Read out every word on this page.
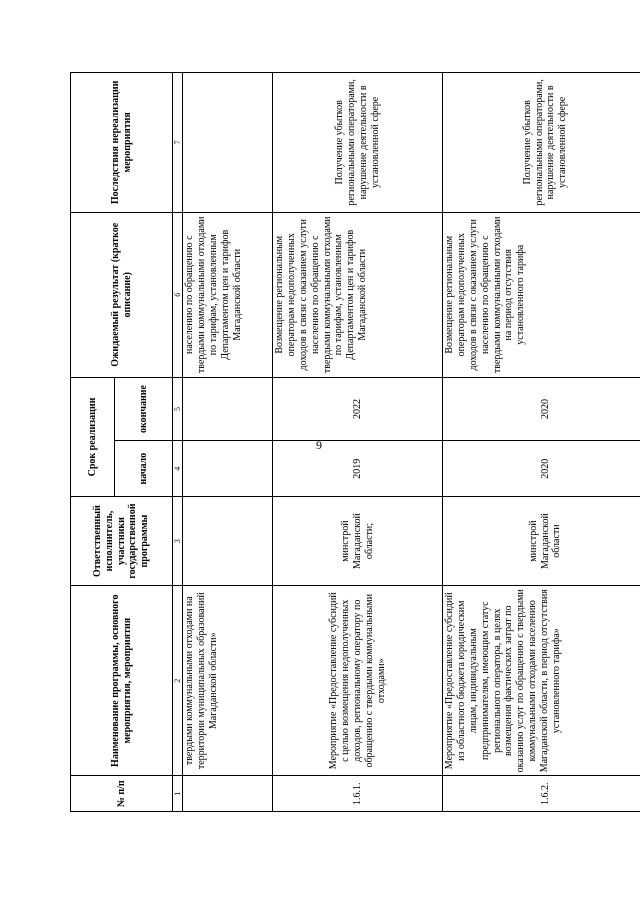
9
№ п/п	Наименование программы, основного мероприятия, мероприятия	Ответственный исполнитель, участники государственной программы	Срок реализации		Ожидаемый результат (краткое описание)	Последствия нереализации мероприятия
			начало	окончание		
1	2	3	4	5	6	7
	твердыми коммунальными отходами на территории муниципальных образований Магаданской области»				населению по обращению с твердыми коммунальными отходами по тарифам, установленным Департаментом цен и тарифов Магаданской области	
1.6.1.	Мероприятие «Предоставление субсидий с целью возмещения недополученных доходов, региональному оператору по обращению с твердыми коммунальными отходами»	минстрой Магаданской области;	2019	2022	Возмещение региональным операторам недополученных доходов в связи с оказанием услуги населению по обращению с твердыми коммунальными отходами по тарифам, установленным Департаментом цен и тарифов Магаданской области	Получение убытков региональными операторами, нарушение деятельности в установленной сфере
1.6.2.	Мероприятие «Предоставление субсидий из областного бюджета юридическим лицам, индивидуальным предпринимателям, имеющим статус регионального оператора, в целях возмещения фактических затрат по оказанию услуг по обращению с твердыми коммунальными отходами населению Магаданской области, в период отсутствия установленного тарифа»	минстрой Магаданской области	2020	2020	Возмещение региональным операторам недополученных доходов в связи с оказанием услуги населению по обращению с твердыми коммунальными отходами на период отсутствия установленного тарифа	Получение убытков региональными операторами, нарушение деятельности в установленной сфере
